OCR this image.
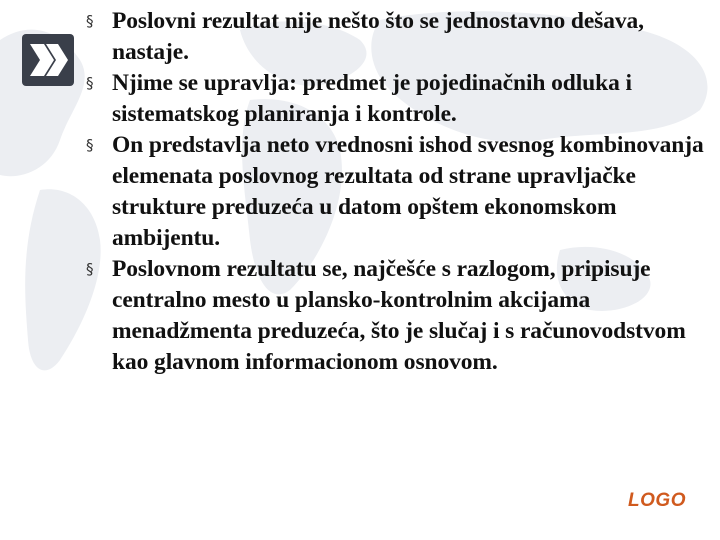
§ Poslovni rezultat nije nešto što se jednostavno dešava, nastaje.
§ Njime se upravlja: predmet je pojedinačnih odluka i sistematskog planiranja i kontrole.
§ On predstavlja neto vrednosni ishod svesnog kombinovanja elemenata poslovnog rezultata od strane upravljačke strukture preduzeća u datom opštem ekonomskom ambijentu.
§ Poslovnom rezultatu se, najčešće s razlogom, pripisuje centralno mesto u plansko-kontrolnim akcijama menadžmenta preduzeća, što je slučaj i s računovodstvom kao glavnom informacionom osnovom.
LOGO
